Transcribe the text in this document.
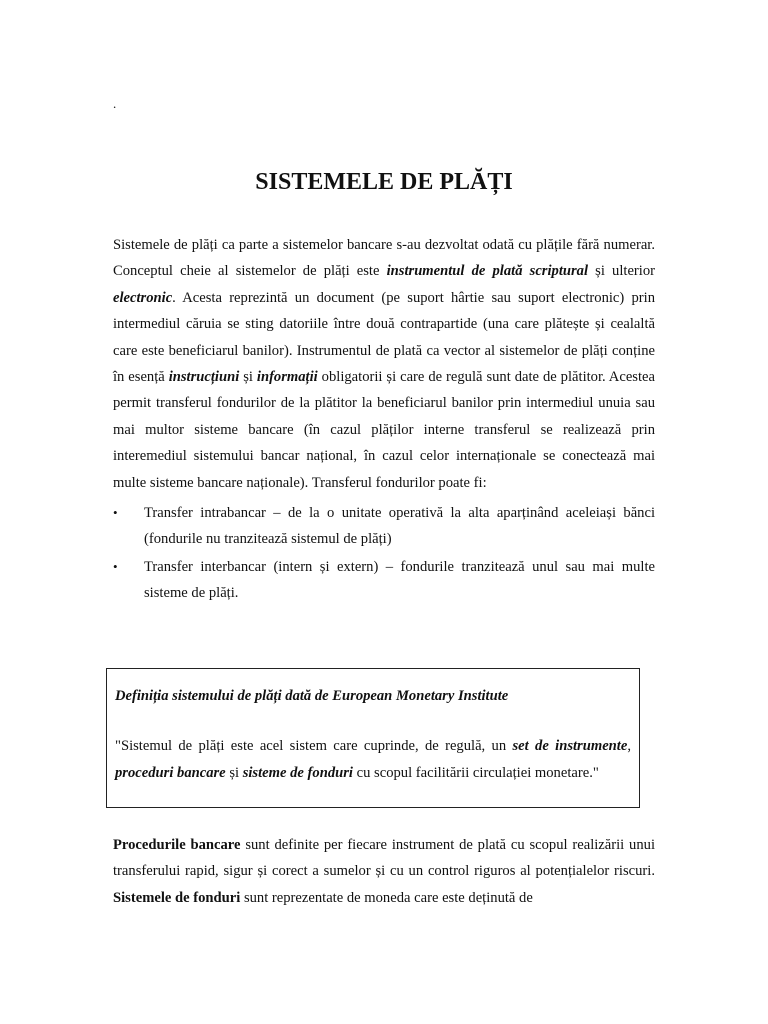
.
SISTEMELE DE PLĂȚI

Sistemele de plăți ca parte a sistemelor bancare s-au dezvoltat odată cu plățile fără numerar. Conceptul cheie al sistemelor de plăți este instrumentul de plată scriptural și ulterior electronic. Acesta reprezintă un document (pe suport hârtie sau suport electronic) prin intermediul căruia se sting datoriile între două contrapartide (una care plătește și cealaltă care este beneficiarul banilor). Instrumentul de plată ca vector al sistemelor de plăți conține în esență instrucțiuni și informații obligatorii și care de regulă sunt date de plătitor. Acestea permit transferul fondurilor de la plătitor la beneficiarul banilor prin intermediul unuia sau mai multor sisteme bancare (în cazul plăților interne transferul se realizează prin interemediul sistemului bancar național, în cazul celor internaționale se conectează mai multe sisteme bancare naționale). Transferul fondurilor poate fi:

• Transfer intrabancar – de la o unitate operativă la alta aparținând aceleiași bănci (fondurile nu tranzitează sistemul de plăți)
• Transfer interbancar (intern și extern) – fondurile tranzitează unul sau mai multe sisteme de plăți.

Definiția sistemului de plăți dată de European Monetary Institute

"Sistemul de plăți este acel sistem care cuprinde, de regulă, un set de instrumente, proceduri bancare și sisteme de fonduri cu scopul facilitării circulației monetare."

Procedurile bancare sunt definite per fiecare instrument de plată cu scopul realizării unui transferului rapid, sigur și corect a sumelor și cu un control riguros al potențialelor riscuri. Sistemele de fonduri sunt reprezentate de moneda care este deținută de
